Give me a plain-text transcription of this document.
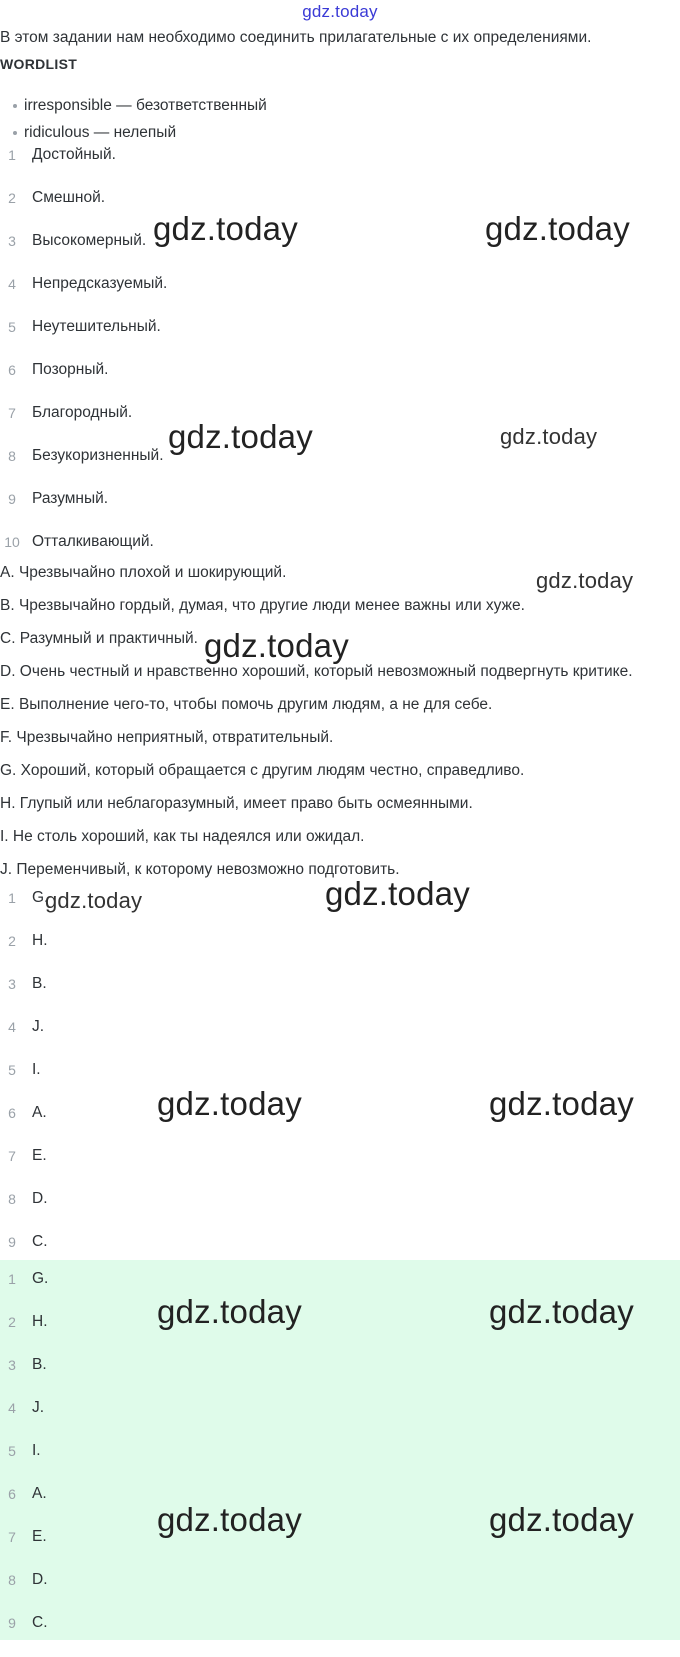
gdz.today
В этом задании нам необходимо соединить прилагательные с их определениями.
WORDLIST
irresponsible — безответственный
ridiculous — нелепый
1	Достойный.
2	Смешной.
3	Высокомерный.
4	Непредсказуемый.
5	Неутешительный.
6	Позорный.
7	Благородный.
8	Безукоризненный.
9	Разумный.
10 Отталкивающий.
A. Чрезвычайно плохой и шокирующий.
B. Чрезвычайно гордый, думая, что другие люди менее важны или хуже.
C. Разумный и практичный.
D. Очень честный и нравственно хороший, который невозможный подвергнуть критике.
E. Выполнение чего-то, чтобы помочь другим людям, а не для себе.
F. Чрезвычайно неприятный, отвратительный.
G. Хороший, который обращается с другим людям честно, справедливо.
H. Глупый или неблагоразумный, имеет право быть осмеянными.
I. Не столь хороший, как ты надеялся или ожидал.
J. Переменчивый, к которому невозможно подготовить.
1	G.
2	H.
3	B.
4	J.
5	I.
6	A.
7	E.
8	D.
9	C.
1	G.
2	H.
3	B.
4	J.
5	I.
6	A.
7	E.
8	D.
9	C.
gdz.today	gdz.today
gdz.today	gdz.today
gdz.today
gdz.today
gdz.today	gdz.today
gdz.today	gdz.today
gdz.today	gdz.today
gdz.today	gdz.today
